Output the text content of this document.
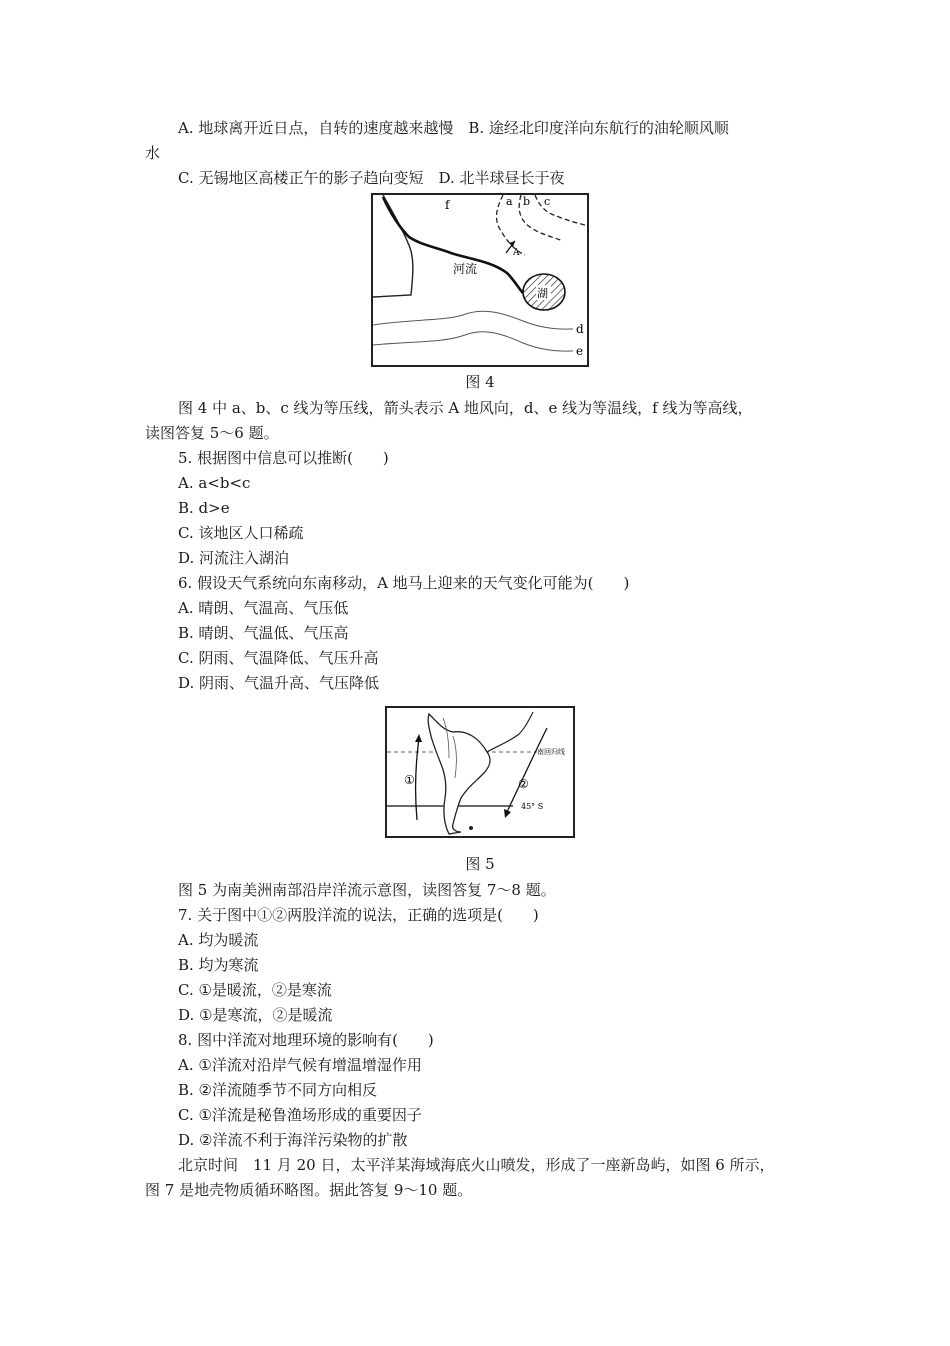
A. 地球离开近日点，自转的速度越来越慢　B. 途经北印度洋向东航行的油轮顺风顺

水

C. 无锡地区高楼正午的影子趋向变短　D. 北半球昼长于夜

f	a b c
A
河流
湖
d
e

图 4

图 4 中 a、b、c 线为等压线，箭头表示 A 地风向，d、e 线为等温线，f 线为等高线，

读图答复 5～6 题。

5. 根据图中信息可以推断(　　)

A. a<b<c

B. d>e

C. 该地区人口稀疏

D. 河流注入湖泊

6. 假设天气系统向东南移动，A 地马上迎来的天气变化可能为(　　)

A. 晴朗、气温高、气压低

B. 晴朗、气温低、气压高

C. 阴雨、气温降低、气压升高

D. 阴雨、气温升高、气压降低

①	②
南回归线
45° S

图 5

图 5 为南美洲南部沿岸洋流示意图，读图答复 7～8 题。

7. 关于图中①②两股洋流的说法，正确的选项是(　　)

A. 均为暖流

B. 均为寒流

C. ①是暖流，②是寒流

D. ①是寒流，②是暖流

8. 图中洋流对地理环境的影响有(　　)

A. ①洋流对沿岸气候有增温增湿作用

B. ②洋流随季节不同方向相反

C. ①洋流是秘鲁渔场形成的重要因子

D. ②洋流不利于海洋污染物的扩散

北京时间　11 月 20 日，太平洋某海域海底火山喷发，形成了一座新岛屿，如图 6 所示，

图 7 是地壳物质循环略图。据此答复 9～10 题。
